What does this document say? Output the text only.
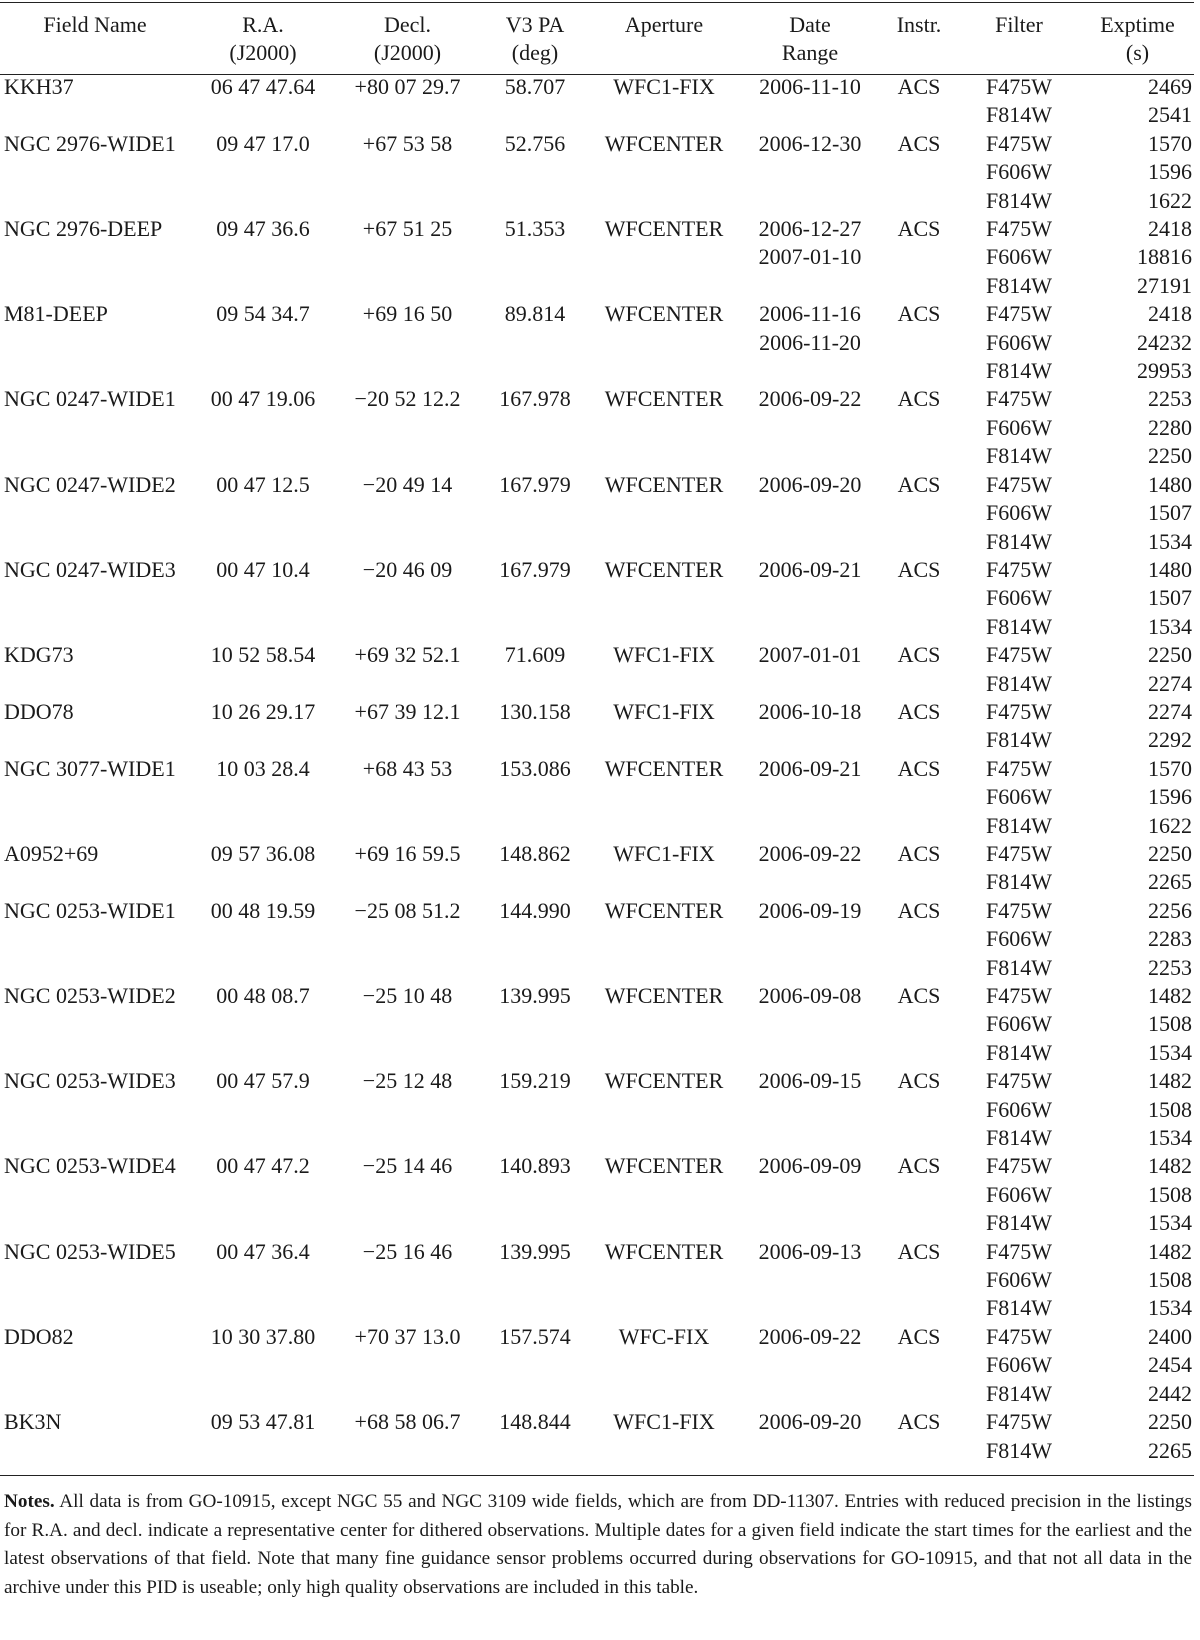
Field Name	R.A.	Decl.	V3 PA	Aperture	Date	Instr.	Filter	Exptime
	(J2000)	(J2000)	(deg)		Range			(s)
KKH37	06 47 47.64	+80 07 29.7	58.707	WFC1-FIX	2006-11-10	ACS	F475W	2469
							F814W	2541
NGC 2976-WIDE1	09 47 17.0	+67 53 58	52.756	WFCENTER	2006-12-30	ACS	F475W	1570
							F606W	1596
							F814W	1622
NGC 2976-DEEP	09 47 36.6	+67 51 25	51.353	WFCENTER	2006-12-27	ACS	F475W	2418
					2007-01-10		F606W	18816
							F814W	27191
M81-DEEP	09 54 34.7	+69 16 50	89.814	WFCENTER	2006-11-16	ACS	F475W	2418
					2006-11-20		F606W	24232
							F814W	29953
NGC 0247-WIDE1	00 47 19.06	−20 52 12.2	167.978	WFCENTER	2006-09-22	ACS	F475W	2253
							F606W	2280
							F814W	2250
NGC 0247-WIDE2	00 47 12.5	−20 49 14	167.979	WFCENTER	2006-09-20	ACS	F475W	1480
							F606W	1507
							F814W	1534
NGC 0247-WIDE3	00 47 10.4	−20 46 09	167.979	WFCENTER	2006-09-21	ACS	F475W	1480
							F606W	1507
							F814W	1534
KDG73	10 52 58.54	+69 32 52.1	71.609	WFC1-FIX	2007-01-01	ACS	F475W	2250
							F814W	2274
DDO78	10 26 29.17	+67 39 12.1	130.158	WFC1-FIX	2006-10-18	ACS	F475W	2274
							F814W	2292
NGC 3077-WIDE1	10 03 28.4	+68 43 53	153.086	WFCENTER	2006-09-21	ACS	F475W	1570
							F606W	1596
							F814W	1622
A0952+69	09 57 36.08	+69 16 59.5	148.862	WFC1-FIX	2006-09-22	ACS	F475W	2250
							F814W	2265
NGC 0253-WIDE1	00 48 19.59	−25 08 51.2	144.990	WFCENTER	2006-09-19	ACS	F475W	2256
							F606W	2283
							F814W	2253
NGC 0253-WIDE2	00 48 08.7	−25 10 48	139.995	WFCENTER	2006-09-08	ACS	F475W	1482
							F606W	1508
							F814W	1534
NGC 0253-WIDE3	00 47 57.9	−25 12 48	159.219	WFCENTER	2006-09-15	ACS	F475W	1482
							F606W	1508
							F814W	1534
NGC 0253-WIDE4	00 47 47.2	−25 14 46	140.893	WFCENTER	2006-09-09	ACS	F475W	1482
							F606W	1508
							F814W	1534
NGC 0253-WIDE5	00 47 36.4	−25 16 46	139.995	WFCENTER	2006-09-13	ACS	F475W	1482
							F606W	1508
							F814W	1534
DDO82	10 30 37.80	+70 37 13.0	157.574	WFC-FIX	2006-09-22	ACS	F475W	2400
							F606W	2454
							F814W	2442
BK3N	09 53 47.81	+68 58 06.7	148.844	WFC1-FIX	2006-09-20	ACS	F475W	2250
							F814W	2265
Notes. All data is from GO-10915, except NGC 55 and NGC 3109 wide fields, which are from DD-11307. Entries with reduced precision in the listings for R.A. and decl. indicate a representative center for dithered observations. Multiple dates for a given field indicate the start times for the earliest and the latest observations of that field. Note that many fine guidance sensor problems occurred during observations for GO-10915, and that not all data in the archive under this PID is useable; only high quality observations are included in this table.
